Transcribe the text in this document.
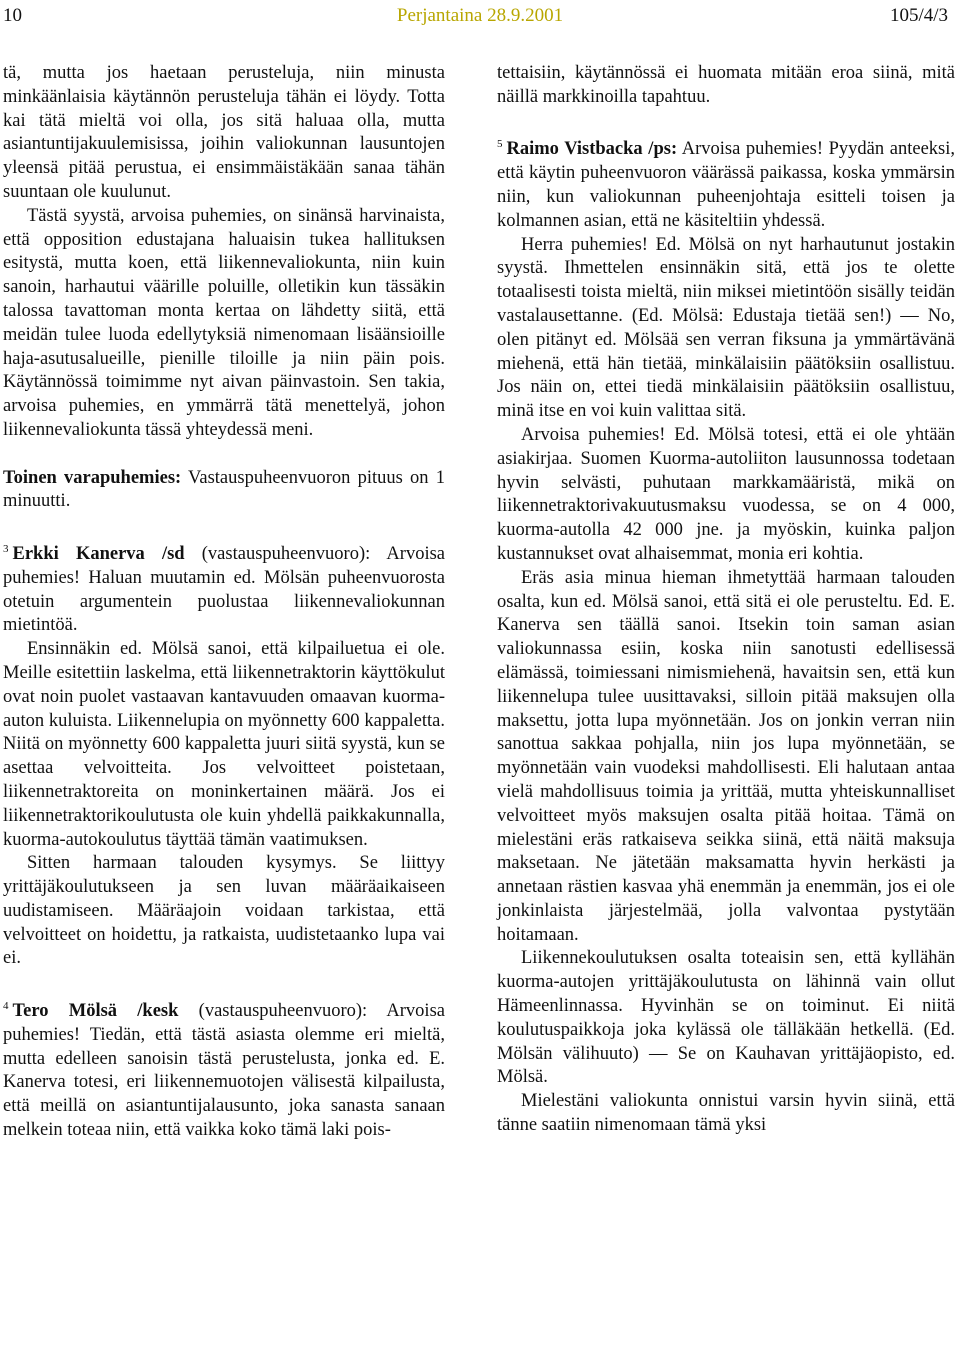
10	Perjantaina 28.9.2001	105/4/3

tä, mutta jos haetaan perusteluja, niin minusta minkäänlaisia käytännön perusteluja tähän ei löydy. Totta kai tätä mieltä voi olla, jos sitä haluaa olla, mutta asiantuntijakuulemisissa, joihin valiokunnan lausuntojen yleensä pitää perustua, ei ensimmäistäkään sanaa tähän suuntaan ole kuulunut.

Tästä syystä, arvoisa puhemies, on sinänsä harvinaista, että opposition edustajana haluaisin tukea hallituksen esitystä, mutta koen, että liikennevaliokunta, niin kuin sanoin, harhautui väärille poluille, olletikin kun tässäkin talossa tavattoman monta kertaa on lähdetty siitä, että meidän tulee luoda edellytyksiä nimenomaan lisäänsioille haja-asutusalueille, pienille tiloille ja niin päin pois. Käytännössä toimimme nyt aivan päinvastoin. Sen takia, arvoisa puhemies, en ymmärrä tätä menettelyä, johon liikennevaliokunta tässä yhteydessä meni.

Toinen varapuhemies: Vastauspuheenvuoron pituus on 1 minuutti.

$^3$ Erkki Kanerva /sd (vastauspuheenvuoro): Arvoisa puhemies! Haluan muutamin ed. Mölsän puheenvuorosta otetuin argumentein puolustaa liikennevaliokunnan mietintöä.

Ensinnäkin ed. Mölsä sanoi, että kilpailuetua ei ole. Meille esitettiin laskelma, että liikennetraktorin käyttökulut ovat noin puolet vastaavan kantavuuden omaavan kuorma-auton kuluista. Liikennelupia on myönnetty 600 kappaletta. Niitä on myönnetty 600 kappaletta juuri siitä syystä, kun se asettaa velvoitteita. Jos velvoitteet poistetaan, liikennetraktoreita on moninkertainen määrä. Jos ei liikennetraktorikoulutusta ole kuin yhdellä paikkakunnalla, kuorma-autokoulutus täyttää tämän vaatimuksen.

Sitten harmaan talouden kysymys. Se liittyy yrittäjäkoulutukseen ja sen luvan määräaikaiseen uudistamiseen. Määräajoin voidaan tarkistaa, että velvoitteet on hoidettu, ja ratkaista, uudistetaanko lupa vai ei.

$^4$ Tero Mölsä /kesk (vastauspuheenvuoro): Arvoisa puhemies! Tiedän, että tästä asiasta olemme eri mieltä, mutta edelleen sanoisin tästä perustelusta, jonka ed. E. Kanerva totesi, eri liikennemuotojen välisestä kilpailusta, että meillä on asiantuntijalausunto, joka sanasta sanaan melkein toteaa niin, että vaikka koko tämä laki pois-

tettaisiin, käytännössä ei huomata mitään eroa siinä, mitä näillä markkinoilla tapahtuu.

$^5$ Raimo Vistbacka /ps: Arvoisa puhemies! Pyydän anteeksi, että käytin puheenvuoron väärässä paikassa, koska ymmärsin niin, kun valiokunnan puheenjohtaja esitteli toisen ja kolmannen asian, että ne käsiteltiin yhdessä.

Herra puhemies! Ed. Mölsä on nyt harhautunut jostakin syystä. Ihmettelen ensinnäkin sitä, että jos te olette totaalisesti toista mieltä, niin miksei mietintöön sisälly teidän vastalausettanne. (Ed. Mölsä: Edustaja tietää sen!) — No, olen pitänyt ed. Mölsää sen verran fiksuna ja ymmärtävänä miehenä, että hän tietää, minkälaisiin päätöksiin osallistuu. Jos näin on, ettei tiedä minkälaisiin päätöksiin osallistuu, minä itse en voi kuin valittaa sitä.

Arvoisa puhemies! Ed. Mölsä totesi, että ei ole yhtään asiakirjaa. Suomen Kuorma-autoliiton lausunnossa todetaan hyvin selvästi, puhutaan markkamääristä, mikä on liikennetraktorivakuutusmaksu vuodessa, se on 4 000, kuorma-autolla 42 000 jne. ja myöskin, kuinka paljon kustannukset ovat alhaisemmat, monia eri kohtia.

Eräs asia minua hieman ihmetyttää harmaan talouden osalta, kun ed. Mölsä sanoi, että sitä ei ole perusteltu. Ed. E. Kanerva sen täällä sanoi. Itsekin toin saman asian valiokunnassa esiin, koska niin sanotusti edellisessä elämässä, toimiessani nimismiehenä, havaitsin sen, että kun liikennelupa tulee uusittavaksi, silloin pitää maksujen olla maksettu, jotta lupa myönnetään. Jos on jonkin verran niin sanottua sakkaa pohjalla, niin jos lupa myönnetään, se myönnetään vain vuodeksi mahdollisesti. Eli halutaan antaa vielä mahdollisuus toimia ja yrittää, mutta yhteiskunnalliset velvoitteet myös maksujen osalta pitää hoitaa. Tämä on mielestäni eräs ratkaiseva seikka siinä, että näitä maksuja maksetaan. Ne jätetään maksamatta hyvin herkästi ja annetaan rästien kasvaa yhä enemmän ja enemmän, jos ei ole jonkinlaista järjestelmää, jolla valvontaa pystytään hoitamaan.

Liikennekoulutuksen osalta toteaisin sen, että kyllähän kuorma-autojen yrittäjäkoulutusta on lähinnä vain ollut Hämeenlinnassa. Hyvinhän se on toiminut. Ei niitä koulutuspaikkoja joka kylässä ole tälläkään hetkellä. (Ed. Mölsän välihuuto) — Se on Kauhavan yrittäjäopisto, ed. Mölsä.

Mielestäni valiokunta onnistui varsin hyvin siinä, että tänne saatiin nimenomaan tämä yksi
